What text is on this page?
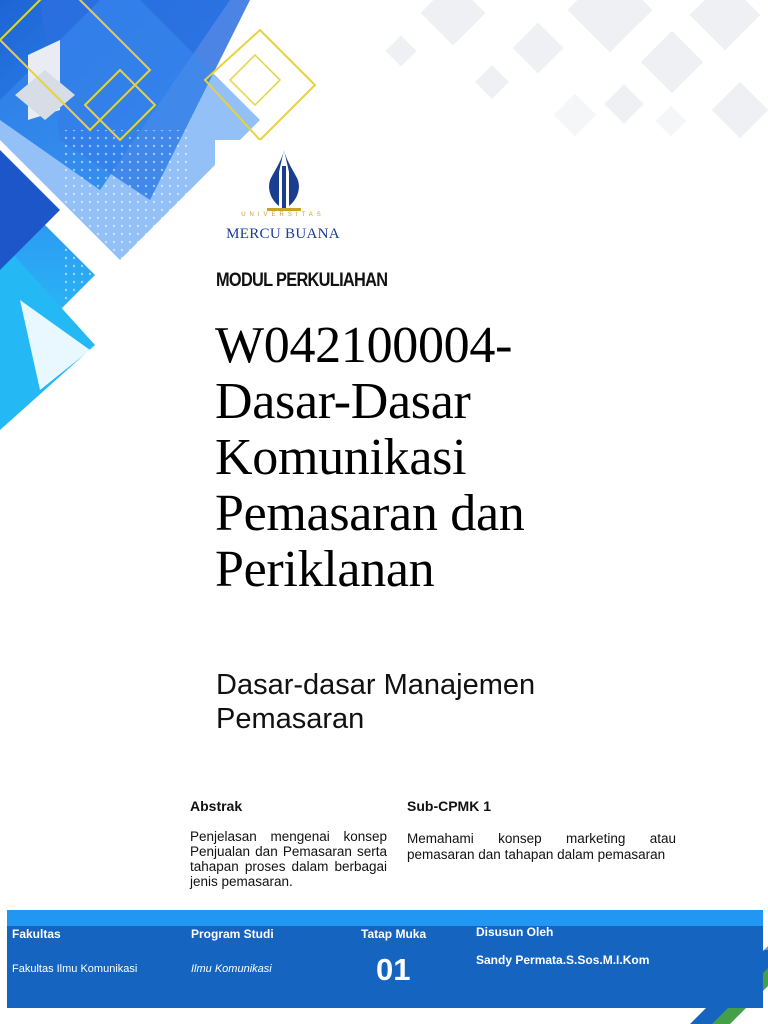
UNIVERSITAS
MERCU BUANA
MODUL PERKULIAHAN
W042100004-
Dasar-Dasar
Komunikasi
Pemasaran dan
Periklanan
Dasar-dasar Manajemen
Pemasaran
Abstrak	Sub-CPMK 1
Penjelasan mengenai konsep Penjualan dan Pemasaran serta tahapan proses dalam berbagai jenis pemasaran.
Memahami konsep marketing atau pemasaran dan tahapan dalam pemasaran
Fakultas
Fakultas Ilmu Komunikasi
Program Studi
Ilmu Komunikasi
Tatap Muka
01
Disusun Oleh
Sandy Permata.S.Sos.M.I.Kom
